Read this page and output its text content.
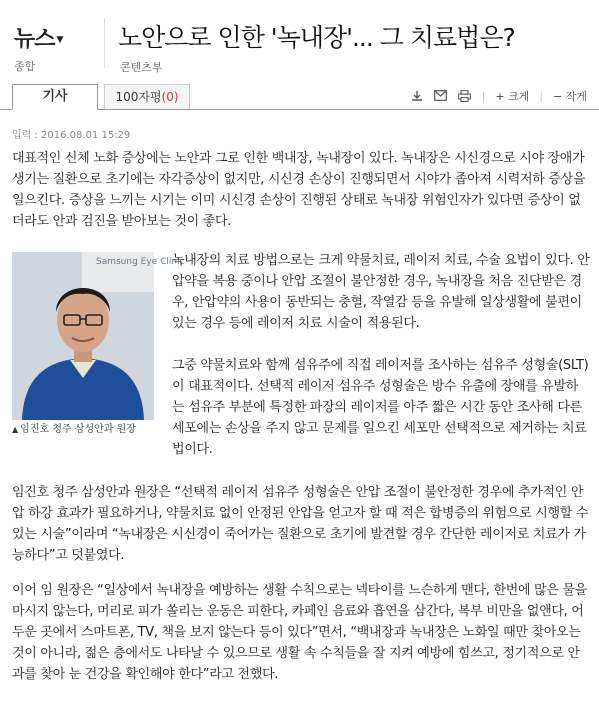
뉴스 ▼
종합
노안으로 인한 '녹내장'... 그 치료법은?
콘텐츠부
기사	100자평(0)	| + 크게 | − 작게
입력 : 2016.08.01 15:29

대표적인 신체 노화 증상에는 노안과 그로 인한 백내장, 녹내장이 있다. 녹내장은 시신경으로 시야 장애가 생기는 질환으로 초기에는 자각증상이 없지만, 시신경 손상이 진행되면서 시야가 좁아져 시력저하 증상을 일으킨다. 증상을 느끼는 시기는 이미 시신경 손상이 진행된 상태로 녹내장 위험인자가 있다면 증상이 없더라도 안과 검진을 받아보는 것이 좋다.

Samsung Eye Clinic
▲ 임진호 청주 삼성안과 원장

녹내장의 치료 방법으로는 크게 약물치료, 레이저 치료, 수술 요법이 있다. 안압약을 복용 중이나 안압 조절이 불안정한 경우, 녹내장을 처음 진단받은 경우, 안압약의 사용이 동반되는 충혈, 작열감 등을 유발해 일상생활에 불편이 있는 경우 등에 레이저 치료 시술이 적용된다.

그중 약물치료와 함께 섬유주에 직접 레이저를 조사하는 섬유주 성형술(SLT)이 대표적이다. 선택적 레이저 섬유주 성형술은 방수 유출에 장애를 유발하는 섬유주 부분에 특정한 파장의 레이저를 아주 짧은 시간 동안 조사해 다른 세포에는 손상을 주지 않고 문제를 일으킨 세포만 선택적으로 제거하는 치료법이다.

임진호 청주 삼성안과 원장은 “선택적 레이저 섬유주 성형술은 안압 조절이 불안정한 경우에 추가적인 안압 하강 효과가 필요하거나, 약물치료 없이 안정된 안압을 얻고자 할 때 적은 합병증의 위험으로 시행할 수 있는 시술”이라며 “녹내장은 시신경이 죽어가는 질환으로 초기에 발견할 경우 간단한 레이저로 치료가 가능하다”고 덧붙였다.

이어 임 원장은 “일상에서 녹내장을 예방하는 생활 수칙으로는 넥타이를 느슨하게 맨다, 한번에 많은 물을 마시지 않는다, 머리로 피가 쏠리는 운동은 피한다, 카페인 음료와 흡연을 삼간다, 복부 비만을 없앤다, 어두운 곳에서 스마트폰, TV, 책을 보지 않는다 등이 있다”면서, “백내장과 녹내장은 노화일 때만 찾아오는 것이 아니라, 젊은 층에서도 나타날 수 있으므로 생활 속 수칙들을 잘 지켜 예방에 힘쓰고, 정기적으로 안과를 찾아 눈 건강을 확인해야 한다”라고 전했다.
